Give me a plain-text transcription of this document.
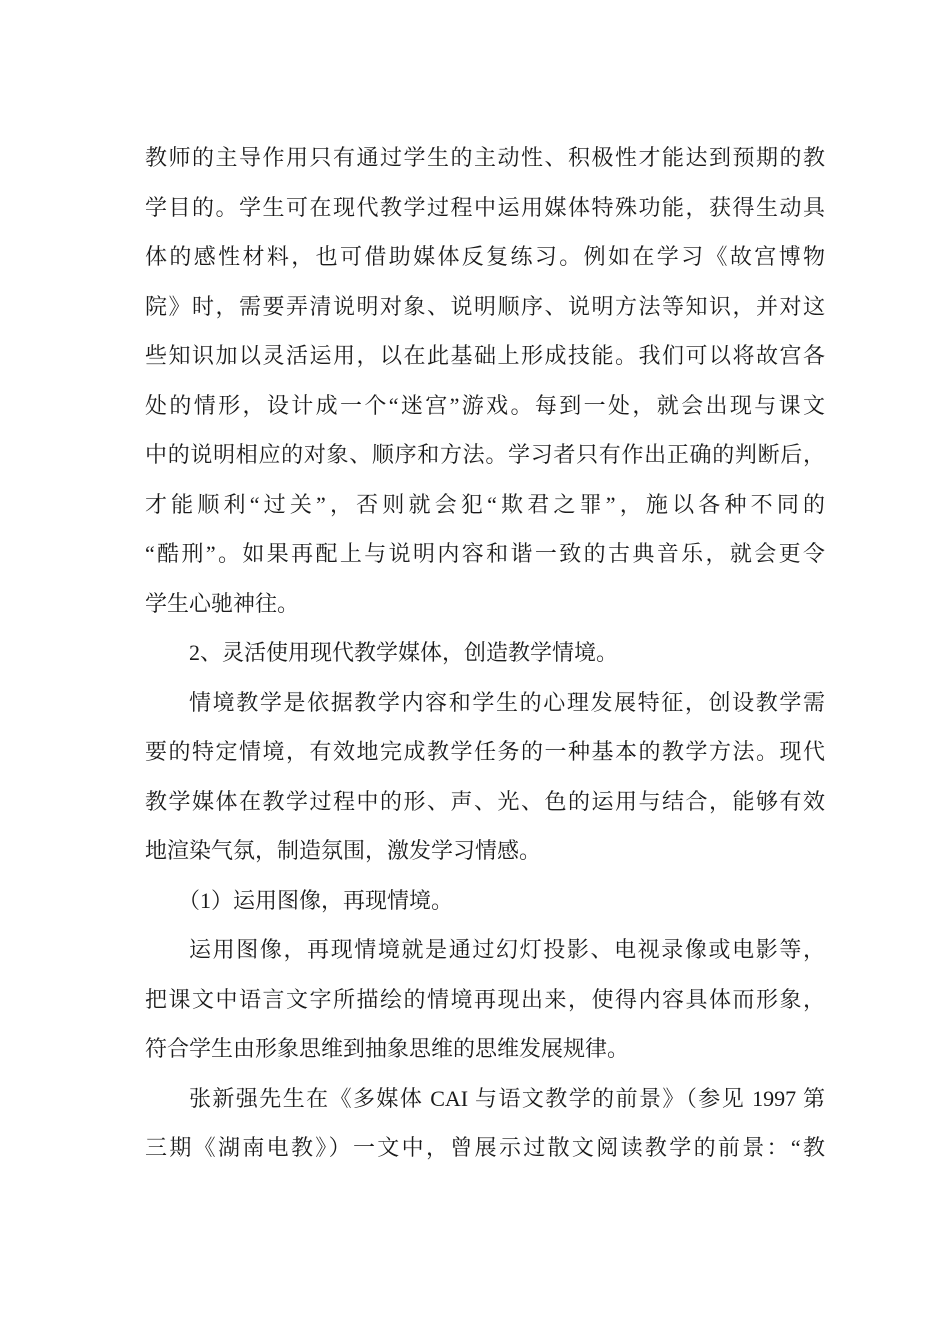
教师的主导作用只有通过学生的主动性、积极性才能达到预期的教
学目的。学生可在现代教学过程中运用媒体特殊功能，获得生动具
体的感性材料，也可借助媒体反复练习。例如在学习《故宫博物
院》时，需要弄清说明对象、说明顺序、说明方法等知识，并对这
些知识加以灵活运用，以在此基础上形成技能。我们可以将故宫各
处的情形，设计成一个“迷宫”游戏。每到一处，就会出现与课文
中的说明相应的对象、顺序和方法。学习者只有作出正确的判断后，
才能顺利“过关”，否则就会犯“欺君之罪”，施以各种不同的
“酷刑”。如果再配上与说明内容和谐一致的古典音乐，就会更令
学生心驰神往。
2、灵活使用现代教学媒体，创造教学情境。
情境教学是依据教学内容和学生的心理发展特征，创设教学需
要的特定情境，有效地完成教学任务的一种基本的教学方法。现代
教学媒体在教学过程中的形、声、光、色的运用与结合，能够有效
地渲染气氛，制造氛围，激发学习情感。
（1）运用图像，再现情境。
运用图像，再现情境就是通过幻灯投影、电视录像或电影等，
把课文中语言文字所描绘的情境再现出来，使得内容具体而形象，
符合学生由形象思维到抽象思维的思维发展规律。
张新强先生在《多媒体 CAI 与语文教学的前景》（参见 1997 第
三期《湖南电教》）一文中，曾展示过散文阅读教学的前景：“教
